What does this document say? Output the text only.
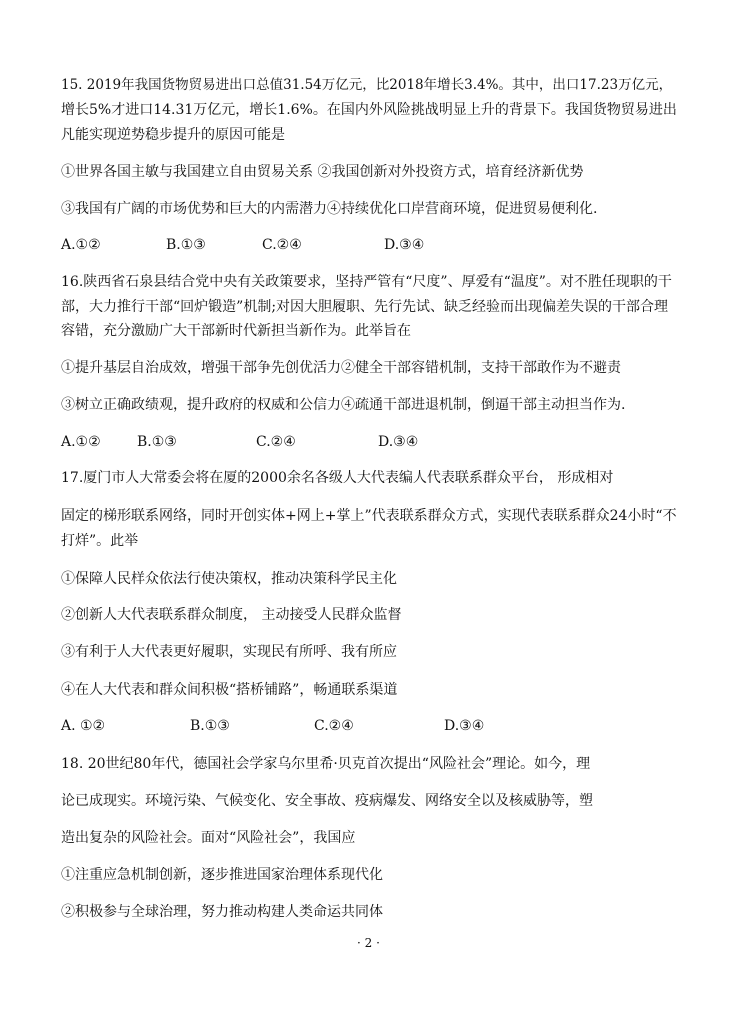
15. 2019年我国货物贸易进出口总值31.54万亿元，比2018年增长3.4%。其中，出口17.23万亿元，
增长5%才进口14.31万亿元，增长1.6%。在国内外风险挑战明显上升的背景下。我国货物贸易进出
凡能实现逆势稳步提升的原因可能是
①世界各国主敏与我国建立自由贸易关系 ②我国创新对外投资方式，培育经济新优势
③我国有广阔的市场优势和巨大的内需潜力④持续优化口岸营商环境，促进贸易便利化.
A.①②	B.①③	C.②④	D.③④
16.陕西省石泉县结合党中央有关政策要求，坚持严管有“尺度”、厚爱有“温度”。对不胜任现职的干
部，大力推行干部“回炉锻造”机制;对因大胆履职、先行先试、缺乏经验而出现偏差失误的干部合理
容错，充分激励广大干部新时代新担当新作为。此举旨在
①提升基层自治成效，增强干部争先创优活力②健全干部容错机制，支持干部敢作为不避责
③树立正确政绩观，提升政府的权威和公信力④疏通干部进退机制，倒逼干部主动担当作为.
A.①②	B.①③	C.②④	D.③④
17.厦门市人大常委会将在厦的2000余名各级人大代表编人代表联系群众平台， 形成相对
固定的梯形联系网络，同时开创实体+网上+掌上”代表联系群众方式，实现代表联系群众24小时“不
打烊”。此举
①保障人民样众依法行使决策权，推动决策科学民主化
②创新人大代表联系群众制度， 主动接受人民群众监督
③有利于人大代表更好履职，实现民有所呼、我有所应
④在人大代表和群众间积极“搭桥铺路”，畅通联系渠道
A. ①②	B.①③	C.②④	D.③④
18. 20世纪80年代，德国社会学家乌尔里希·贝克首次提出“风险社会”理论。如今，理
论已成现实。环境污染、气候变化、安全事故、疫病爆发、网络安全以及核威胁等，塑
造出复杂的风险社会。面对“风险社会”，我国应
①注重应急机制创新，逐步推进国家治理体系现代化
②积极参与全球治理，努力推动构建人类命运共同体
· 2 ·
